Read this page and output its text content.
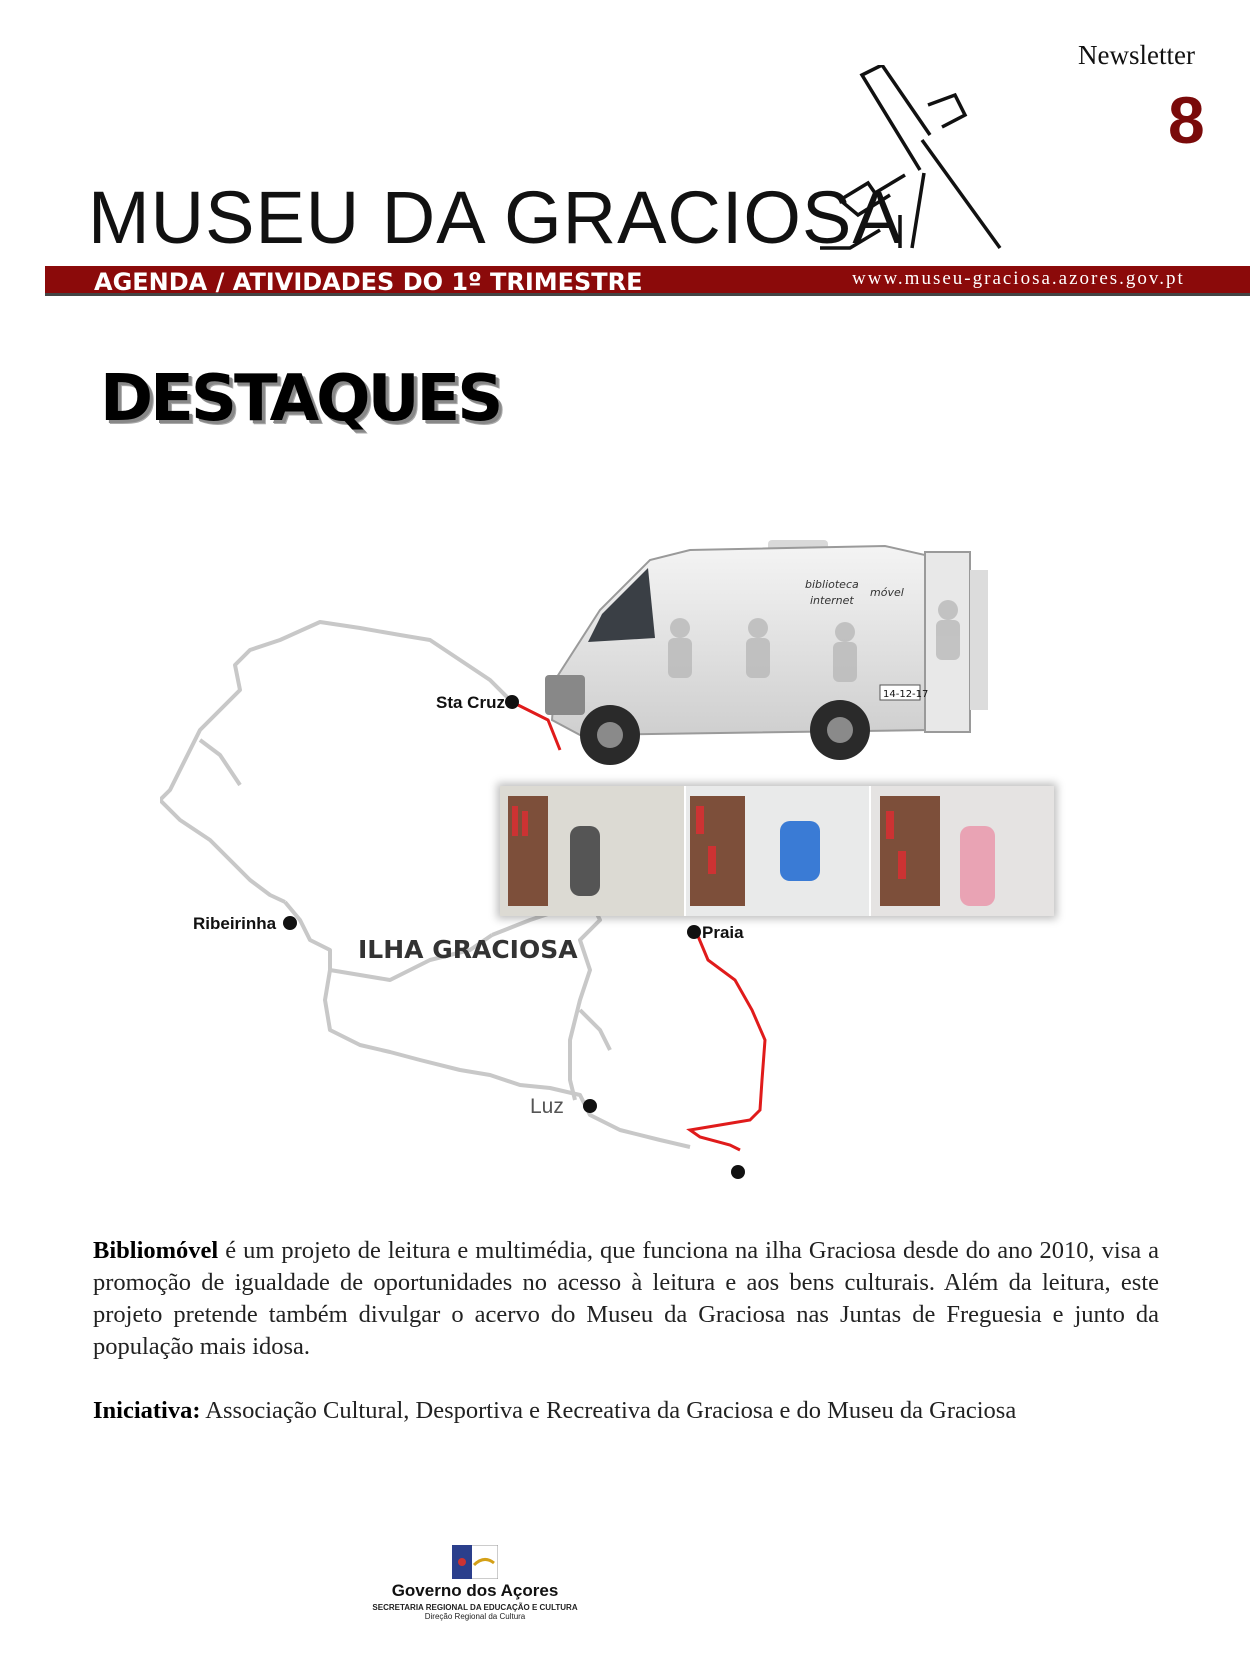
Newsletter
8
MUSEU DA GRACIOSA
AGENDA / ATIVIDADES DO 1º TRIMESTRE	www.museu-graciosa.azores.gov.pt
DESTAQUES
Sta Cruz
Ribeirinha	Praia
Luz
ILHA GRACIOSA
14-12-17
biblioteca
internet
móvel
Bibliomóvel é um projeto de leitura e multimédia, que funciona na ilha Graciosa desde do ano 2010, visa a promoção de igualdade de oportunidades no acesso à leitura e aos bens culturais. Além da leitura, este projeto pretende também divulgar o acervo do Museu da Graciosa nas Juntas de Freguesia e junto da população mais idosa.
Iniciativa: Associação Cultural, Desportiva e Recreativa da Graciosa e do Museu da Graciosa
Governo dos Açores
SECRETARIA REGIONAL DA EDUCAÇÃO E CULTURA
Direção Regional da Cultura
